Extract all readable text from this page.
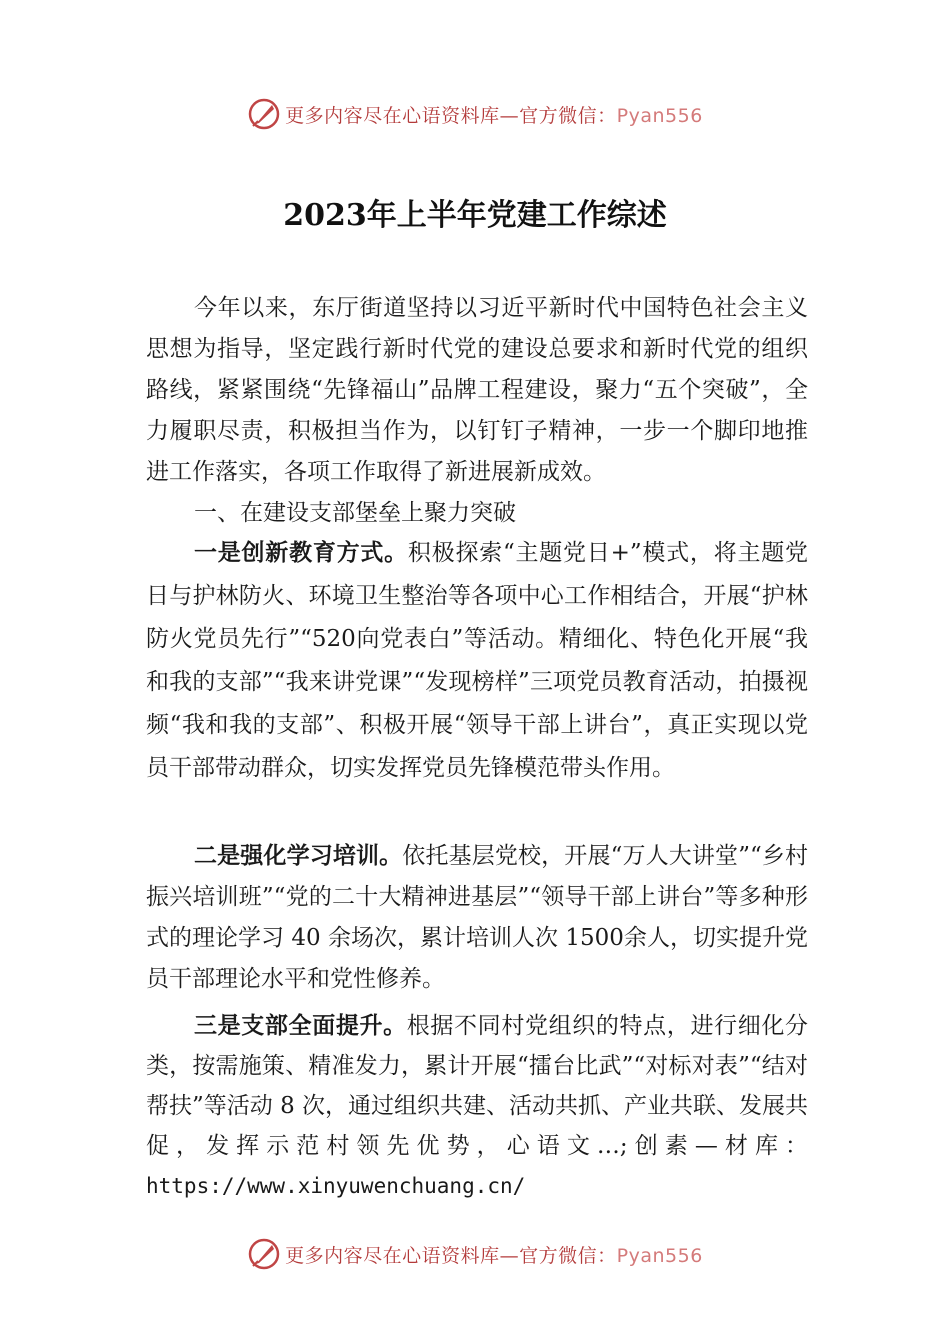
更多内容尽在心语资料库—官方微信：Pyan556
2023年上半年党建工作综述

今年以来，东厅街道坚持以习近平新时代中国特色社会主义思想为指导，坚定践行新时代党的建设总要求和新时代党的组织路线，紧紧围绕“先锋福山”品牌工程建设，聚力“五个突破”，全力履职尽责，积极担当作为，以钉钉子精神，一步一个脚印地推进工作落实，各项工作取得了新进展新成效。

一、在建设支部堡垒上聚力突破

一是创新教育方式。积极探索“主题党日+”模式，将主题党日与护林防火、环境卫生整治等各项中心工作相结合，开展“护林防火党员先行”“520向党表白”等活动。精细化、特色化开展“我和我的支部”“我来讲党课”“发现榜样”三项党员教育活动，拍摄视频“我和我的支部”、积极开展“领导干部上讲台”，真正实现以党员干部带动群众，切实发挥党员先锋模范带头作用。

二是强化学习培训。依托基层党校，开展“万人大讲堂”“乡村振兴培训班”“党的二十大精神进基层”“领导干部上讲台”等多种形式的理论学习 40 余场次，累计培训人次 1500余人，切实提升党员干部理论水平和党性修养。

三是支部全面提升。根据不同村党组织的特点，进行细化分类，按需施策、精准发力，累计开展“擂台比武”“对标对表”“结对帮扶”等活动 8 次，通过组织共建、活动共抓、产业共联、发展共促，发挥示范村领先优势，心语文…;创素—材库：https://www.xinyuwenchuang.cn/

更多内容尽在心语资料库—官方微信：Pyan556
